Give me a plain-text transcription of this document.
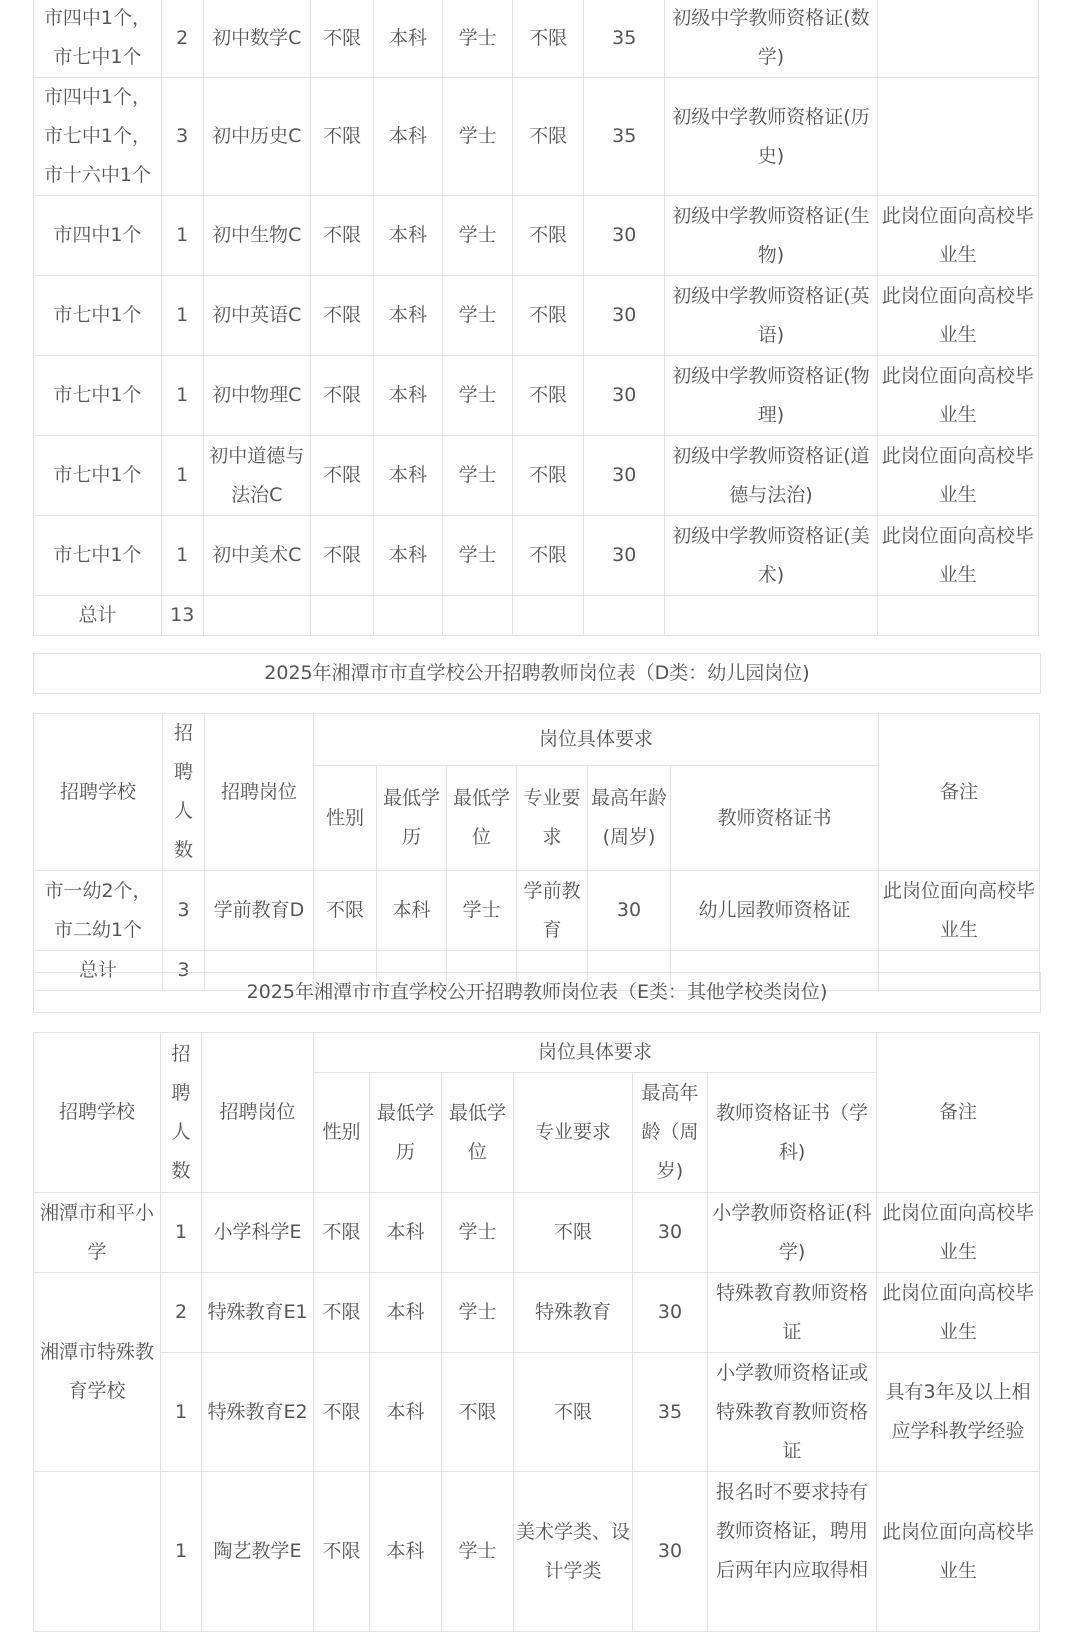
市四中1个，市七中1个	2	初中数学C	不限	本科	学士	不限	35	初级中学教师资格证(数学)	
市四中1个，市七中1个，市十六中1个	3	初中历史C	不限	本科	学士	不限	35	初级中学教师资格证(历史)	
市四中1个	1	初中生物C	不限	本科	学士	不限	30	初级中学教师资格证(生物)	此岗位面向高校毕业生
市七中1个	1	初中英语C	不限	本科	学士	不限	30	初级中学教师资格证(英语)	此岗位面向高校毕业生
市七中1个	1	初中物理C	不限	本科	学士	不限	30	初级中学教师资格证(物理)	此岗位面向高校毕业生
市七中1个	1	初中道德与法治C	不限	本科	学士	不限	30	初级中学教师资格证(道德与法治)	此岗位面向高校毕业生
市七中1个	1	初中美术C	不限	本科	学士	不限	30	初级中学教师资格证(美术)	此岗位面向高校毕业生
总计	13								
2025年湘潭市市直学校公开招聘教师岗位表（D类：幼儿园岗位)
招聘学校	招聘人数	招聘岗位	岗位具体要求						备注
			性别	最低学历	最低学位	专业要求	最高年龄(周岁)	教师资格证书	
市一幼2个，市二幼1个	3	学前教育D	不限	本科	学士	学前教育	30	幼儿园教师资格证	此岗位面向高校毕业生
总计	3								
2025年湘潭市市直学校公开招聘教师岗位表（E类：其他学校类岗位)
招聘学校	招聘人数	招聘岗位	岗位具体要求						备注
			性别	最低学历	最低学位	专业要求	最高年龄（周岁)	教师资格证书（学科)	
湘潭市和平小学	1	小学科学E	不限	本科	学士	不限	30	小学教师资格证(科学)	此岗位面向高校毕业生
湘潭市特殊教育学校	2	特殊教育E1	不限	本科	学士	特殊教育	30	特殊教育教师资格证	此岗位面向高校毕业生
	1	特殊教育E2	不限	本科	不限	不限	35	小学教师资格证或特殊教育教师资格证	具有3年及以上相应学科教学经验
	1	陶艺教学E	不限	本科	学士	美术学类、设计学类	30	报名时不要求持有教师资格证，聘用后两年内应取得相	此岗位面向高校毕业生
